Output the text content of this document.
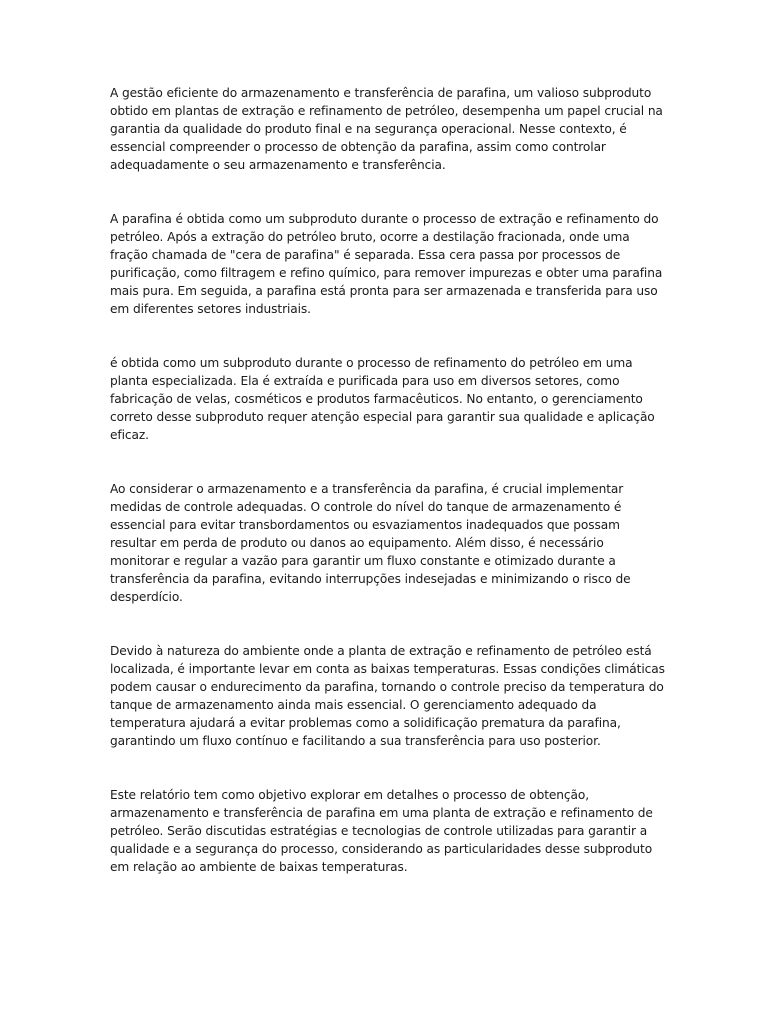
A gestão eficiente do armazenamento e transferência de parafina, um valioso subproduto obtido em plantas de extração e refinamento de petróleo, desempenha um papel crucial na garantia da qualidade do produto final e na segurança operacional. Nesse contexto, é essencial compreender o processo de obtenção da parafina, assim como controlar adequadamente o seu armazenamento e transferência.

A parafina é obtida como um subproduto durante o processo de extração e refinamento do petróleo. Após a extração do petróleo bruto, ocorre a destilação fracionada, onde uma fração chamada de "cera de parafina" é separada. Essa cera passa por processos de purificação, como filtragem e refino químico, para remover impurezas e obter uma parafina mais pura. Em seguida, a parafina está pronta para ser armazenada e transferida para uso em diferentes setores industriais.

é obtida como um subproduto durante o processo de refinamento do petróleo em uma planta especializada. Ela é extraída e purificada para uso em diversos setores, como fabricação de velas, cosméticos e produtos farmacêuticos. No entanto, o gerenciamento correto desse subproduto requer atenção especial para garantir sua qualidade e aplicação eficaz.

Ao considerar o armazenamento e a transferência da parafina, é crucial implementar medidas de controle adequadas. O controle do nível do tanque de armazenamento é essencial para evitar transbordamentos ou esvaziamentos inadequados que possam resultar em perda de produto ou danos ao equipamento. Além disso, é necessário monitorar e regular a vazão para garantir um fluxo constante e otimizado durante a transferência da parafina, evitando interrupções indesejadas e minimizando o risco de desperdício.

Devido à natureza do ambiente onde a planta de extração e refinamento de petróleo está localizada, é importante levar em conta as baixas temperaturas. Essas condições climáticas podem causar o endurecimento da parafina, tornando o controle preciso da temperatura do tanque de armazenamento ainda mais essencial. O gerenciamento adequado da temperatura ajudará a evitar problemas como a solidificação prematura da parafina, garantindo um fluxo contínuo e facilitando a sua transferência para uso posterior.

Este relatório tem como objetivo explorar em detalhes o processo de obtenção, armazenamento e transferência de parafina em uma planta de extração e refinamento de petróleo. Serão discutidas estratégias e tecnologias de controle utilizadas para garantir a qualidade e a segurança do processo, considerando as particularidades desse subproduto em relação ao ambiente de baixas temperaturas.
